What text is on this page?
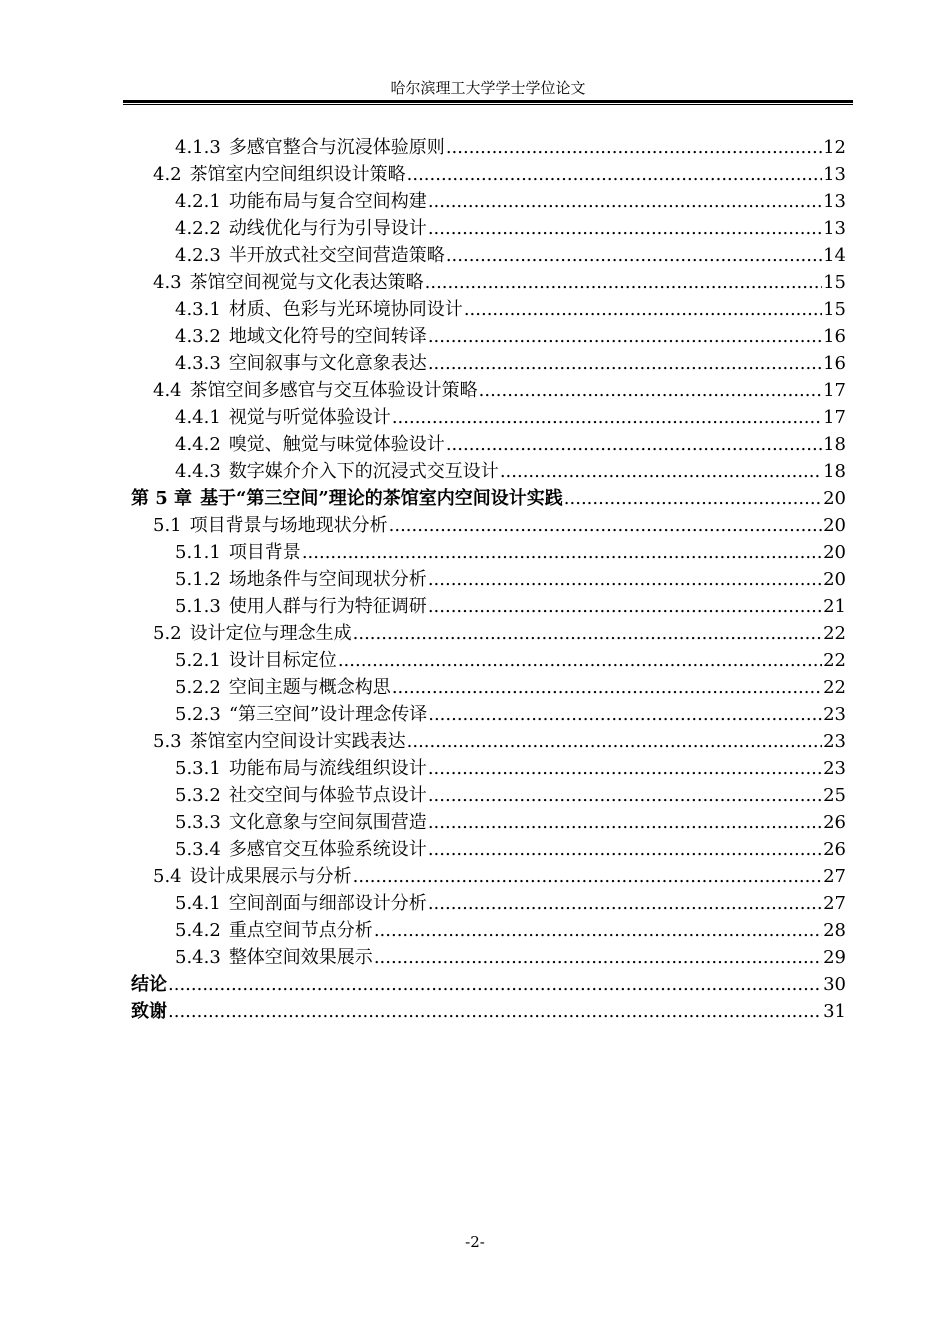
哈尔滨理工大学学士学位论文
4.1.3 多感官整合与沉浸体验原则 .....	12
4.2 茶馆室内空间组织设计策略 .....	13
4.2.1 功能布局与复合空间构建 .....	13
4.2.2 动线优化与行为引导设计 .....	13
4.2.3 半开放式社交空间营造策略 .....	14
4.3 茶馆空间视觉与文化表达策略 .....	15
4.3.1 材质、色彩与光环境协同设计 .....	15
4.3.2 地域文化符号的空间转译 .....	16
4.3.3 空间叙事与文化意象表达 .....	16
4.4 茶馆空间多感官与交互体验设计策略 .....	17
4.4.1 视觉与听觉体验设计 .....	17
4.4.2 嗅觉、触觉与味觉体验设计 .....	18
4.4.3 数字媒介介入下的沉浸式交互设计 .....	18
第 5 章 基于“第三空间”理论的茶馆室内空间设计实践 .....	20
5.1 项目背景与场地现状分析 .....	20
5.1.1 项目背景 .....	20
5.1.2 场地条件与空间现状分析 .....	20
5.1.3 使用人群与行为特征调研 .....	21
5.2 设计定位与理念生成 .....	22
5.2.1 设计目标定位 .....	22
5.2.2 空间主题与概念构思 .....	22
5.2.3 “第三空间”设计理念传译 .....	23
5.3 茶馆室内空间设计实践表达 .....	23
5.3.1 功能布局与流线组织设计 .....	23
5.3.2 社交空间与体验节点设计 .....	25
5.3.3 文化意象与空间氛围营造 .....	26
5.3.4 多感官交互体验系统设计 .....	26
5.4 设计成果展示与分析 .....	27
5.4.1 空间剖面与细部设计分析 .....	27
5.4.2 重点空间节点分析 .....	28
5.4.3 整体空间效果展示 .....	29
结论 .....	30
致谢 .....	31
-2-
